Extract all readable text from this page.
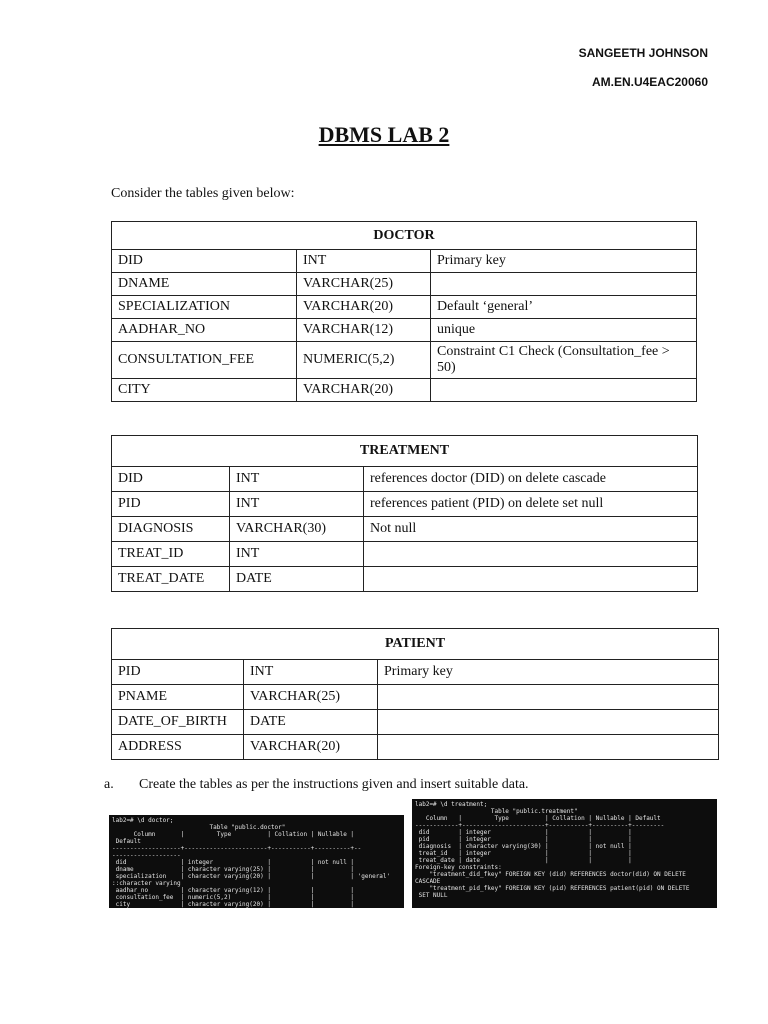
SANGEETH JOHNSON
AM.EN.U4EAC20060
DBMS LAB 2
Consider the tables given below:
DOCTOR		
DID	INT	Primary key
DNAME	VARCHAR(25)	
SPECIALIZATION	VARCHAR(20)	Default ‘general’
AADHAR_NO	VARCHAR(12)	unique
CONSULTATION_FEE	NUMERIC(5,2)	Constraint C1 Check (Consultation_fee > 50)
CITY	VARCHAR(20)	
TREATMENT		
DID	INT	references doctor (DID) on delete cascade
PID	INT	references patient (PID) on delete set null
DIAGNOSIS	VARCHAR(30)	Not null
TREAT_ID	INT	
TREAT_DATE	DATE	
PATIENT		
PID	INT	Primary key
PNAME	VARCHAR(25)	
DATE_OF_BIRTH	DATE	
ADDRESS	VARCHAR(20)	
a. Create the tables as per the instructions given and insert suitable data.
lab2=# \d doctor;
Table "public.doctor"
Column       |         Type          | Collation | Nullable |
Default
-------------------+-----------------------+-----------+----------+--
-------------------
did               | integer               |           | not null |
dname             | character varying(25) |           |          |
specialization    | character varying(20) |           |          | 'general'
::character varying
aadhar_no         | character varying(12) |           |          |
consultation_fee  | numeric(5,2)          |           |          |
city              | character varying(20) |           |          |
lab2=# \d treatment;
Table "public.treatment"
Column   |         Type          | Collation | Nullable | Default
------------+-----------------------+-----------+----------+---------
did        | integer               |           |          |
pid        | integer               |           |          |
diagnosis  | character varying(30) |           | not null |
treat_id   | integer               |           |          |
treat_date | date                  |           |          |
Foreign-key constraints:
"treatment_did_fkey" FOREIGN KEY (did) REFERENCES doctor(did) ON DELETE
CASCADE
"treatment_pid_fkey" FOREIGN KEY (pid) REFERENCES patient(pid) ON DELETE
SET NULL
